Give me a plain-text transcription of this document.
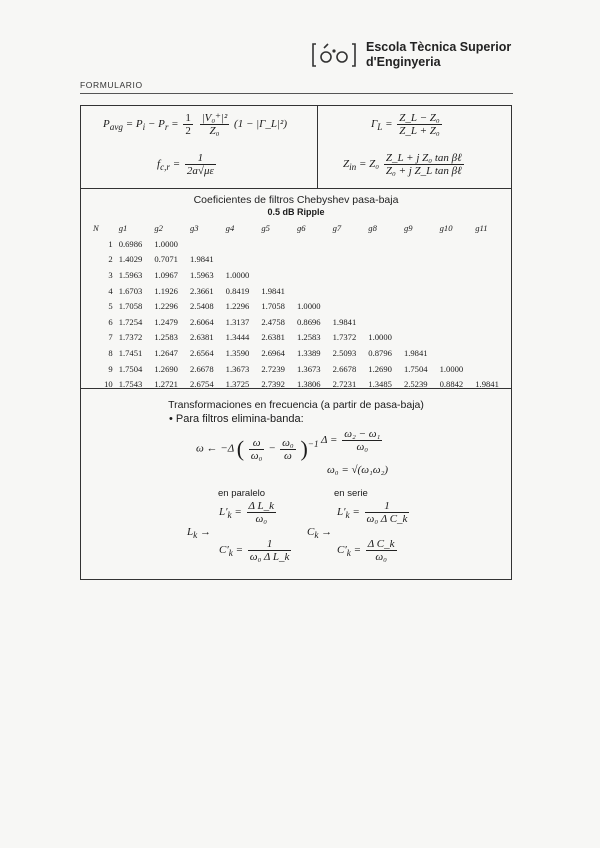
Escola Tècnica Superior
d'Enginyeria
FORMULARIO
$P_{avg} = P_i - P_r = \frac{1}{2}$
$\frac{\text{|V₀⁺|²}}{\text{Z₀}} (1$ − |Γ_L|²)	$\Gamma_L = \frac{\text{Z\_L − Z₀}}{\text{Z\_L + Z₀}}$
$f_{c,r} = \frac{1}{2a√\mu\varepsilon}$	$Z_{in} = Z_0 \frac{\text{Z\_L + j Z₀ tan βℓ}}{\text{Z₀ + j Z\_L tan βℓ}}$
Coeficientes de filtros Chebyshev pasa-baja
0.5 dB Ripple
N	g1	g2	g3	g4	g5	g6	g7	g8	g9	g10	g11
1	0.6986	1.0000									
2	1.4029	0.7071	1.9841								
3	1.5963	1.0967	1.5963	1.0000							
4	1.6703	1.1926	2.3661	0.8419	1.9841						
5	1.7058	1.2296	2.5408	1.2296	1.7058	1.0000					
6	1.7254	1.2479	2.6064	1.3137	2.4758	0.8696	1.9841				
7	1.7372	1.2583	2.6381	1.3444	2.6381	1.2583	1.7372	1.0000			
8	1.7451	1.2647	2.6564	1.3590	2.6964	1.3389	2.5093	0.8796	1.9841		
9	1.7504	1.2690	2.6678	1.3673	2.7239	1.3673	2.6678	1.2690	1.7504	1.0000	
10	1.7543	1.2721	2.6754	1.3725	2.7392	1.3806	2.7231	1.3485	2.5239	0.8842	1.9841
Transformaciones en frecuencia (a partir de pasa-baja)
• Para filtros elimina-banda:
ω ← −Δ ( $\frac{\omega}{\text{ω₀}} - \frac{\text{ω₀}}{\omega} )^{-1}$ $\Delta = \frac{\text{ω₂ − ω₁}}{\text{ω₀}}$
ω₀ = √(ω₁ω₂)
en paralelo	en serie
$L_k$ →	$C_k$ →
$L'_k = \frac{\text{Δ L\_k}}{\text{ω₀}}$
$C'_k = \frac{1}{\text{ω₀ Δ L\_k}}$
$L'_k = \frac{1}{\text{ω₀ Δ C\_k}}$
$C'_k = \frac{\text{Δ C\_k}}{\text{ω₀}}$
